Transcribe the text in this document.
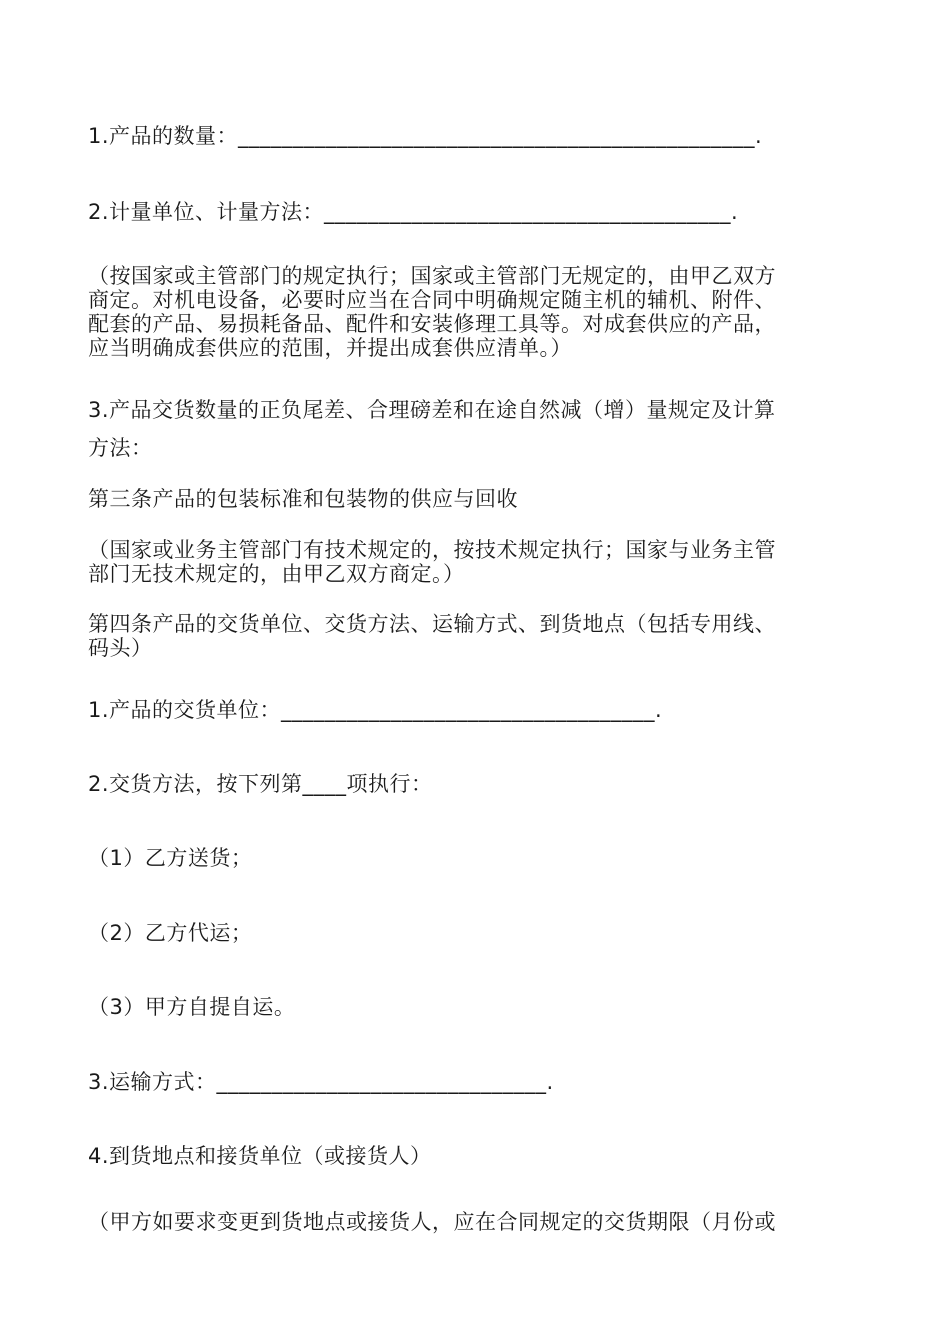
1.产品的数量：_______________________________________________.
2.计量单位、计量方法：_____________________________________.
（按国家或主管部门的规定执行；国家或主管部门无规定的，由甲乙双方
商定。对机电设备，必要时应当在合同中明确规定随主机的辅机、附件、
配套的产品、易损耗备品、配件和安装修理工具等。对成套供应的产品，
应当明确成套供应的范围，并提出成套供应清单。）
3.产品交货数量的正负尾差、合理磅差和在途自然减（增）量规定及计算
方法：
第三条产品的包装标准和包装物的供应与回收
（国家或业务主管部门有技术规定的，按技术规定执行；国家与业务主管
部门无技术规定的，由甲乙双方商定。）
第四条产品的交货单位、交货方法、运输方式、到货地点（包括专用线、
码头）
1.产品的交货单位：__________________________________.
2.交货方法，按下列第____项执行：
（1）乙方送货；
（2）乙方代运；
（3）甲方自提自运。
3.运输方式：______________________________.
4.到货地点和接货单位（或接货人）
（甲方如要求变更到货地点或接货人，应在合同规定的交货期限（月份或
